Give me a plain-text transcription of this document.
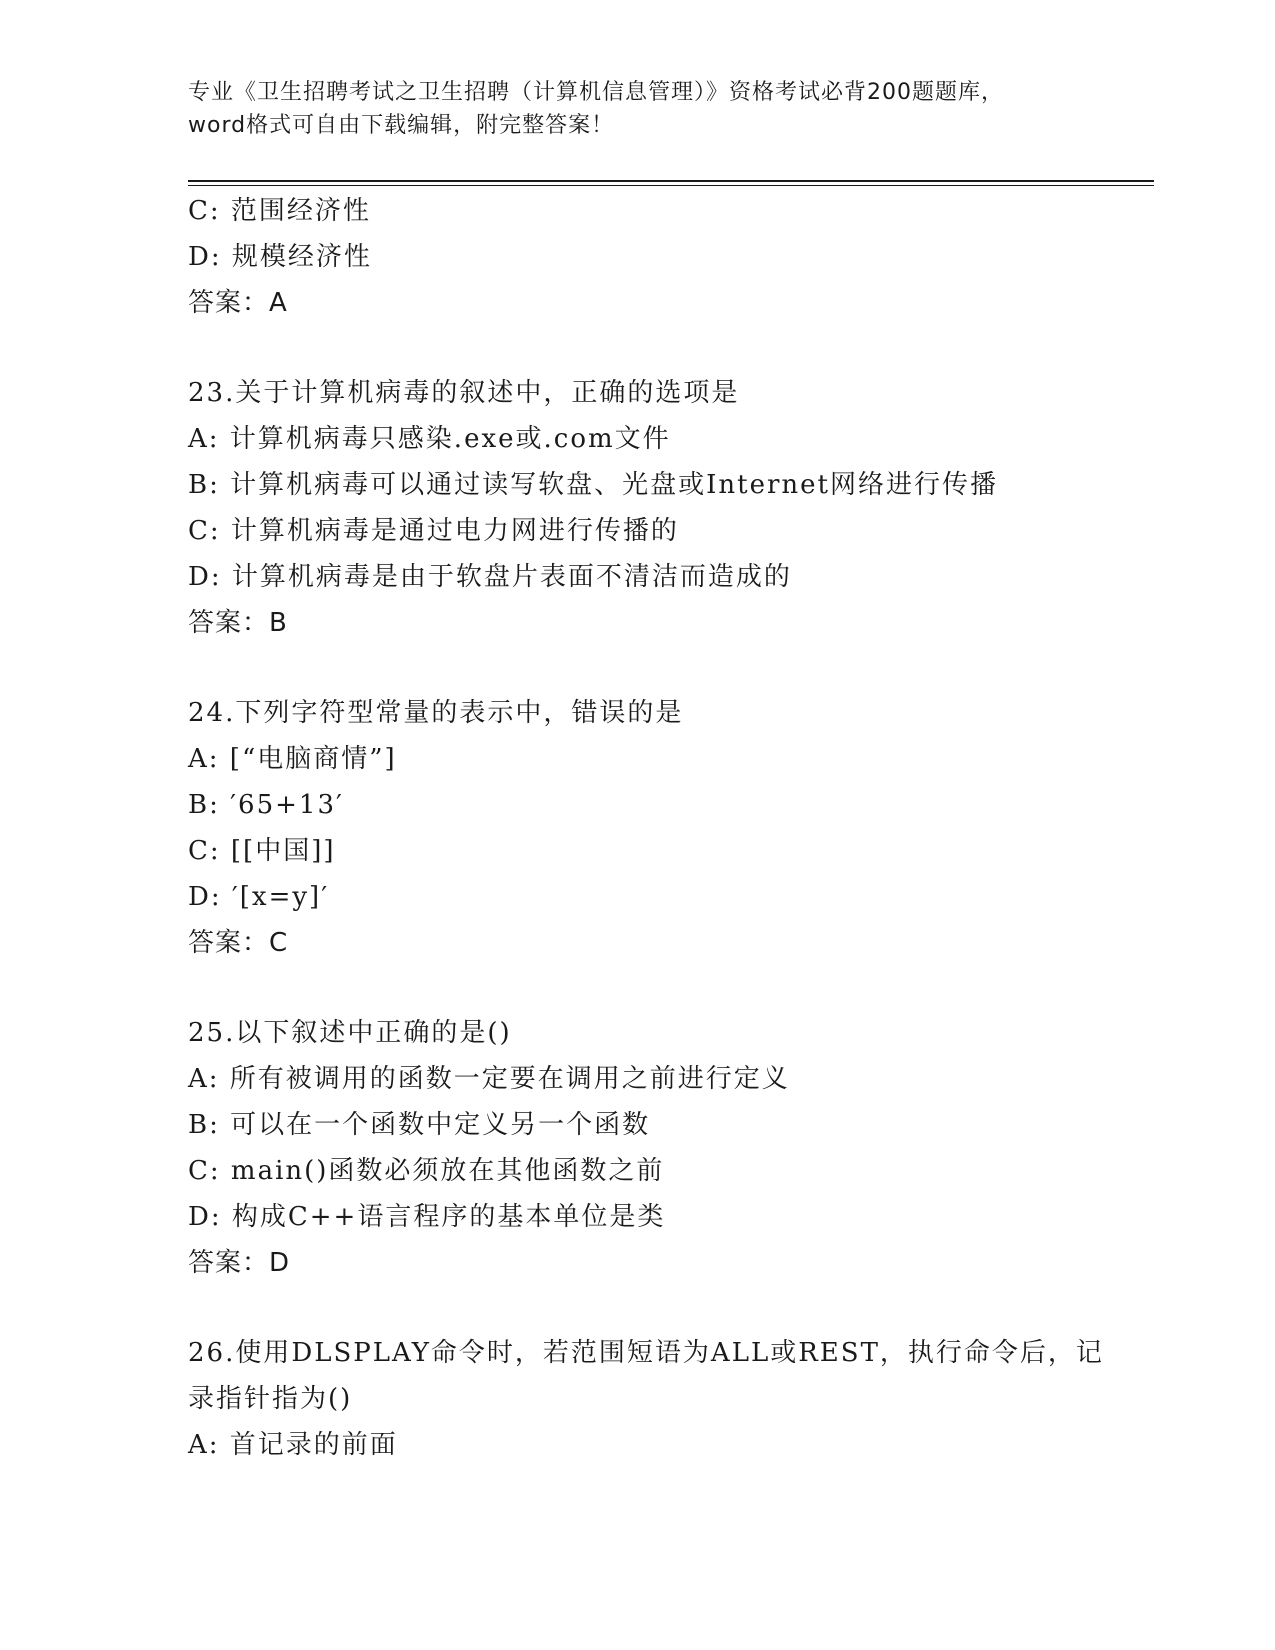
专业《卫生招聘考试之卫生招聘（计算机信息管理）》资格考试必背200题题库，
word格式可自由下载编辑，附完整答案！
C: 范围经济性
D: 规模经济性
答案：A
23.关于计算机病毒的叙述中，正确的选项是
A: 计算机病毒只感染.exe或.com文件
B: 计算机病毒可以通过读写软盘、光盘或Internet网络进行传播
C: 计算机病毒是通过电力网进行传播的
D: 计算机病毒是由于软盘片表面不清洁而造成的
答案：B
24.下列字符型常量的表示中，错误的是
A: [“电脑商情”]
B: ′65+13′
C: [[中国]]
D: ′[x=y]′
答案：C
25.以下叙述中正确的是()
A: 所有被调用的函数一定要在调用之前进行定义
B: 可以在一个函数中定义另一个函数
C: main()函数必须放在其他函数之前
D: 构成C++语言程序的基本单位是类
答案：D
26.使用DLSPLAY命令时，若范围短语为ALL或REST，执行命令后，记
录指针指为()
A: 首记录的前面
